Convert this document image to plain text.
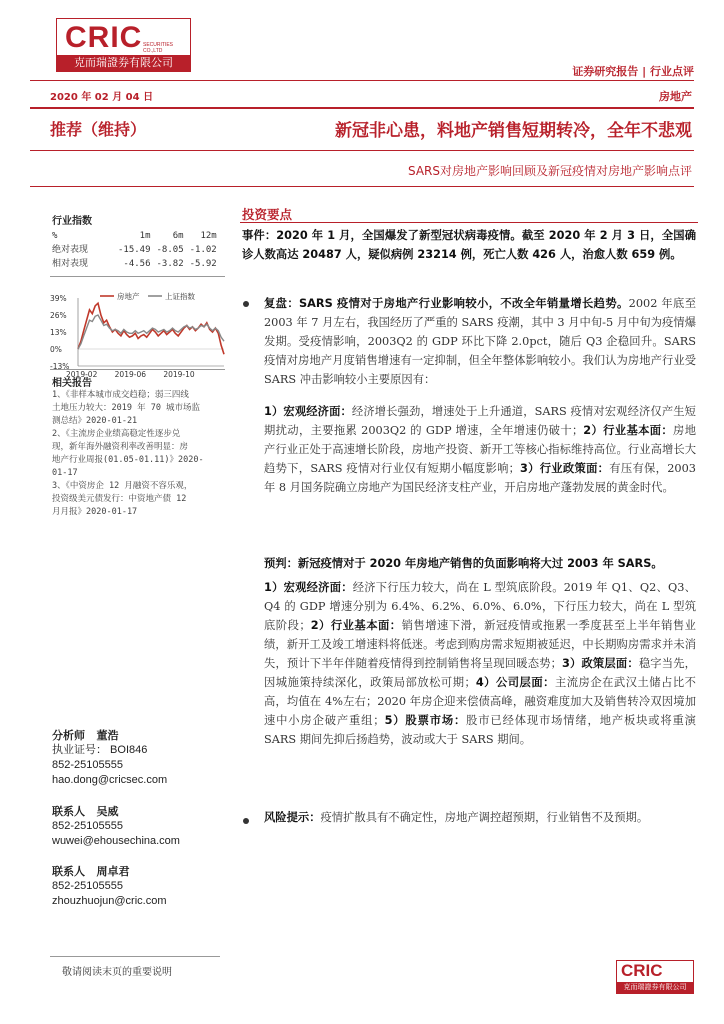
CRIC SECURITIES CO.,LTD
克而瑞證券有限公司
证券研究报告 | 行业点评
2020 年 02 月 04 日	房地产
推荐（维持）	新冠非心患，料地产销售短期转冷，全年不悲观
SARS对房地产影响回顾及新冠疫情对房地产影响点评
行业指数
%	1m	6m	12m
绝对表现	-15.49	-8.05	-1.02
相对表现	-4.56	-3.82	-5.92
39%
26%
13%
0%
-13%
2019-02 2019-06 2019-10
房地产	上证指数
相关报告
1、《非样本城市成交趋稳；弱三四线
土地压力较大：2019 年 70 城市场监
测总结》2020-01-21
2、《主流房企业绩高稳定性逐步兑
现，新年海外融资利率改善明显：房
地产行业周报(01.05-01.11)》2020-
01-17
3、《中资房企 12 月融资不容乐观，
投资级美元债发行：中资地产债 12
月月报》2020-01-17
分析师 董浩
执业证号： BOI846
852-25105555
hao.dong@cricsec.com
联系人 吴威
852-25105555
wuwei@ehousechina.com
联系人 周卓君
852-25105555
zhouzhuojun@cric.com
投资要点
事件：2020 年 1 月，全国爆发了新型冠状病毒疫情。截至 2020 年 2 月 3 日，全国确诊人数高达 20487 人，疑似病例 23214 例，死亡人数 426 人，治愈人数 659 例。
复盘：SARS 疫情对于房地产行业影响较小，不改全年销量增长趋势。2002 年底至 2003 年 7 月左右，我国经历了严重的 SARS 疫潮，其中 3 月中旬-5 月中旬为疫情爆发期。受疫情影响，2003Q2 的 GDP 环比下降 2.0pct，随后 Q3 企稳回升。SARS 疫情对房地产月度销售增速有一定抑制，但全年整体影响较小。我们认为房地产行业受 SARS 冲击影响较小主要原因有：
1）宏观经济面：经济增长强劲，增速处于上升通道，SARS 疫情对宏观经济仅产生短期扰动，主要拖累 2003Q2 的 GDP 增速，全年增速仍破十；2）行业基本面：房地产行业正处于高速增长阶段，房地产投资、新开工等核心指标维持高位。行业高增长大趋势下，SARS 疫情对行业仅有短期小幅度影响；3）行业政策面：有压有保，2003 年 8 月国务院确立房地产为国民经济支柱产业，开启房地产蓬勃发展的黄金时代。
预判：新冠疫情对于 2020 年房地产销售的负面影响将大过 2003 年 SARS。
1）宏观经济面：经济下行压力较大，尚在 L 型筑底阶段。2019 年 Q1、Q2、Q3、Q4 的 GDP 增速分别为 6.4%、6.2%、6.0%、6.0%，下行压力较大，尚在 L 型筑底阶段；2）行业基本面：销售增速下滑，新冠疫情或拖累一季度甚至上半年销售业绩，新开工及竣工增速料将低迷。考虑到购房需求短期被延迟，中长期购房需求并未消失，预计下半年伴随着疫情得到控制销售将呈现回暖态势；3）政策层面：稳字当先，因城施策持续深化，政策局部放松可期；4）公司层面：主流房企在武汉土储占比不高，均值在 4%左右；2020 年房企迎来偿债高峰，融资难度加大及销售转冷双因境加速中小房企破产重组；5）股票市场：股市已经体现市场情绪，地产板块或将重演 SARS 期间先抑后扬趋势，波动或大于 SARS 期间。
风险提示：疫情扩散具有不确定性，房地产调控超预期，行业销售不及预期。
敬请阅读末页的重要说明	CRIC
克而瑞證券有限公司
